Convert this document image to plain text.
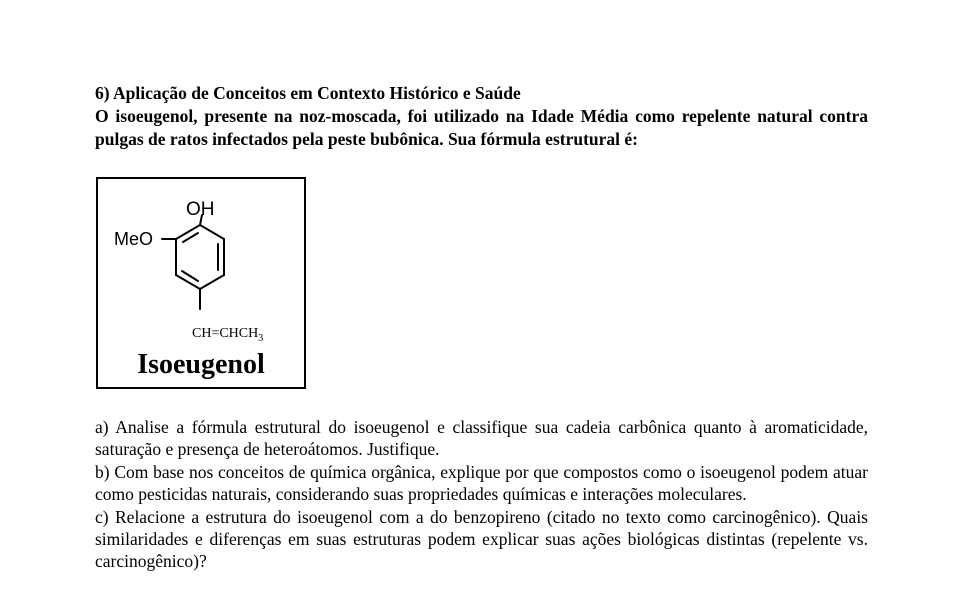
6) Aplicação de Conceitos em Contexto Histórico e Saúde

O isoeugenol, presente na noz-moscada, foi utilizado na Idade Média como repelente natural contra pulgas de ratos infectados pela peste bubônica. Sua fórmula estrutural é:

OH
MeO
$CH=CHCH_3$
Isoeugenol

a) Analise a fórmula estrutural do isoeugenol e classifique sua cadeia carbônica quanto à aromaticidade, saturação e presença de heteroátomos. Justifique.

b) Com base nos conceitos de química orgânica, explique por que compostos como o isoeugenol podem atuar como pesticidas naturais, considerando suas propriedades químicas e interações moleculares.

c) Relacione a estrutura do isoeugenol com a do benzopireno (citado no texto como carcinogênico). Quais similaridades e diferenças em suas estruturas podem explicar suas ações biológicas distintas (repelente vs. carcinogênico)?
